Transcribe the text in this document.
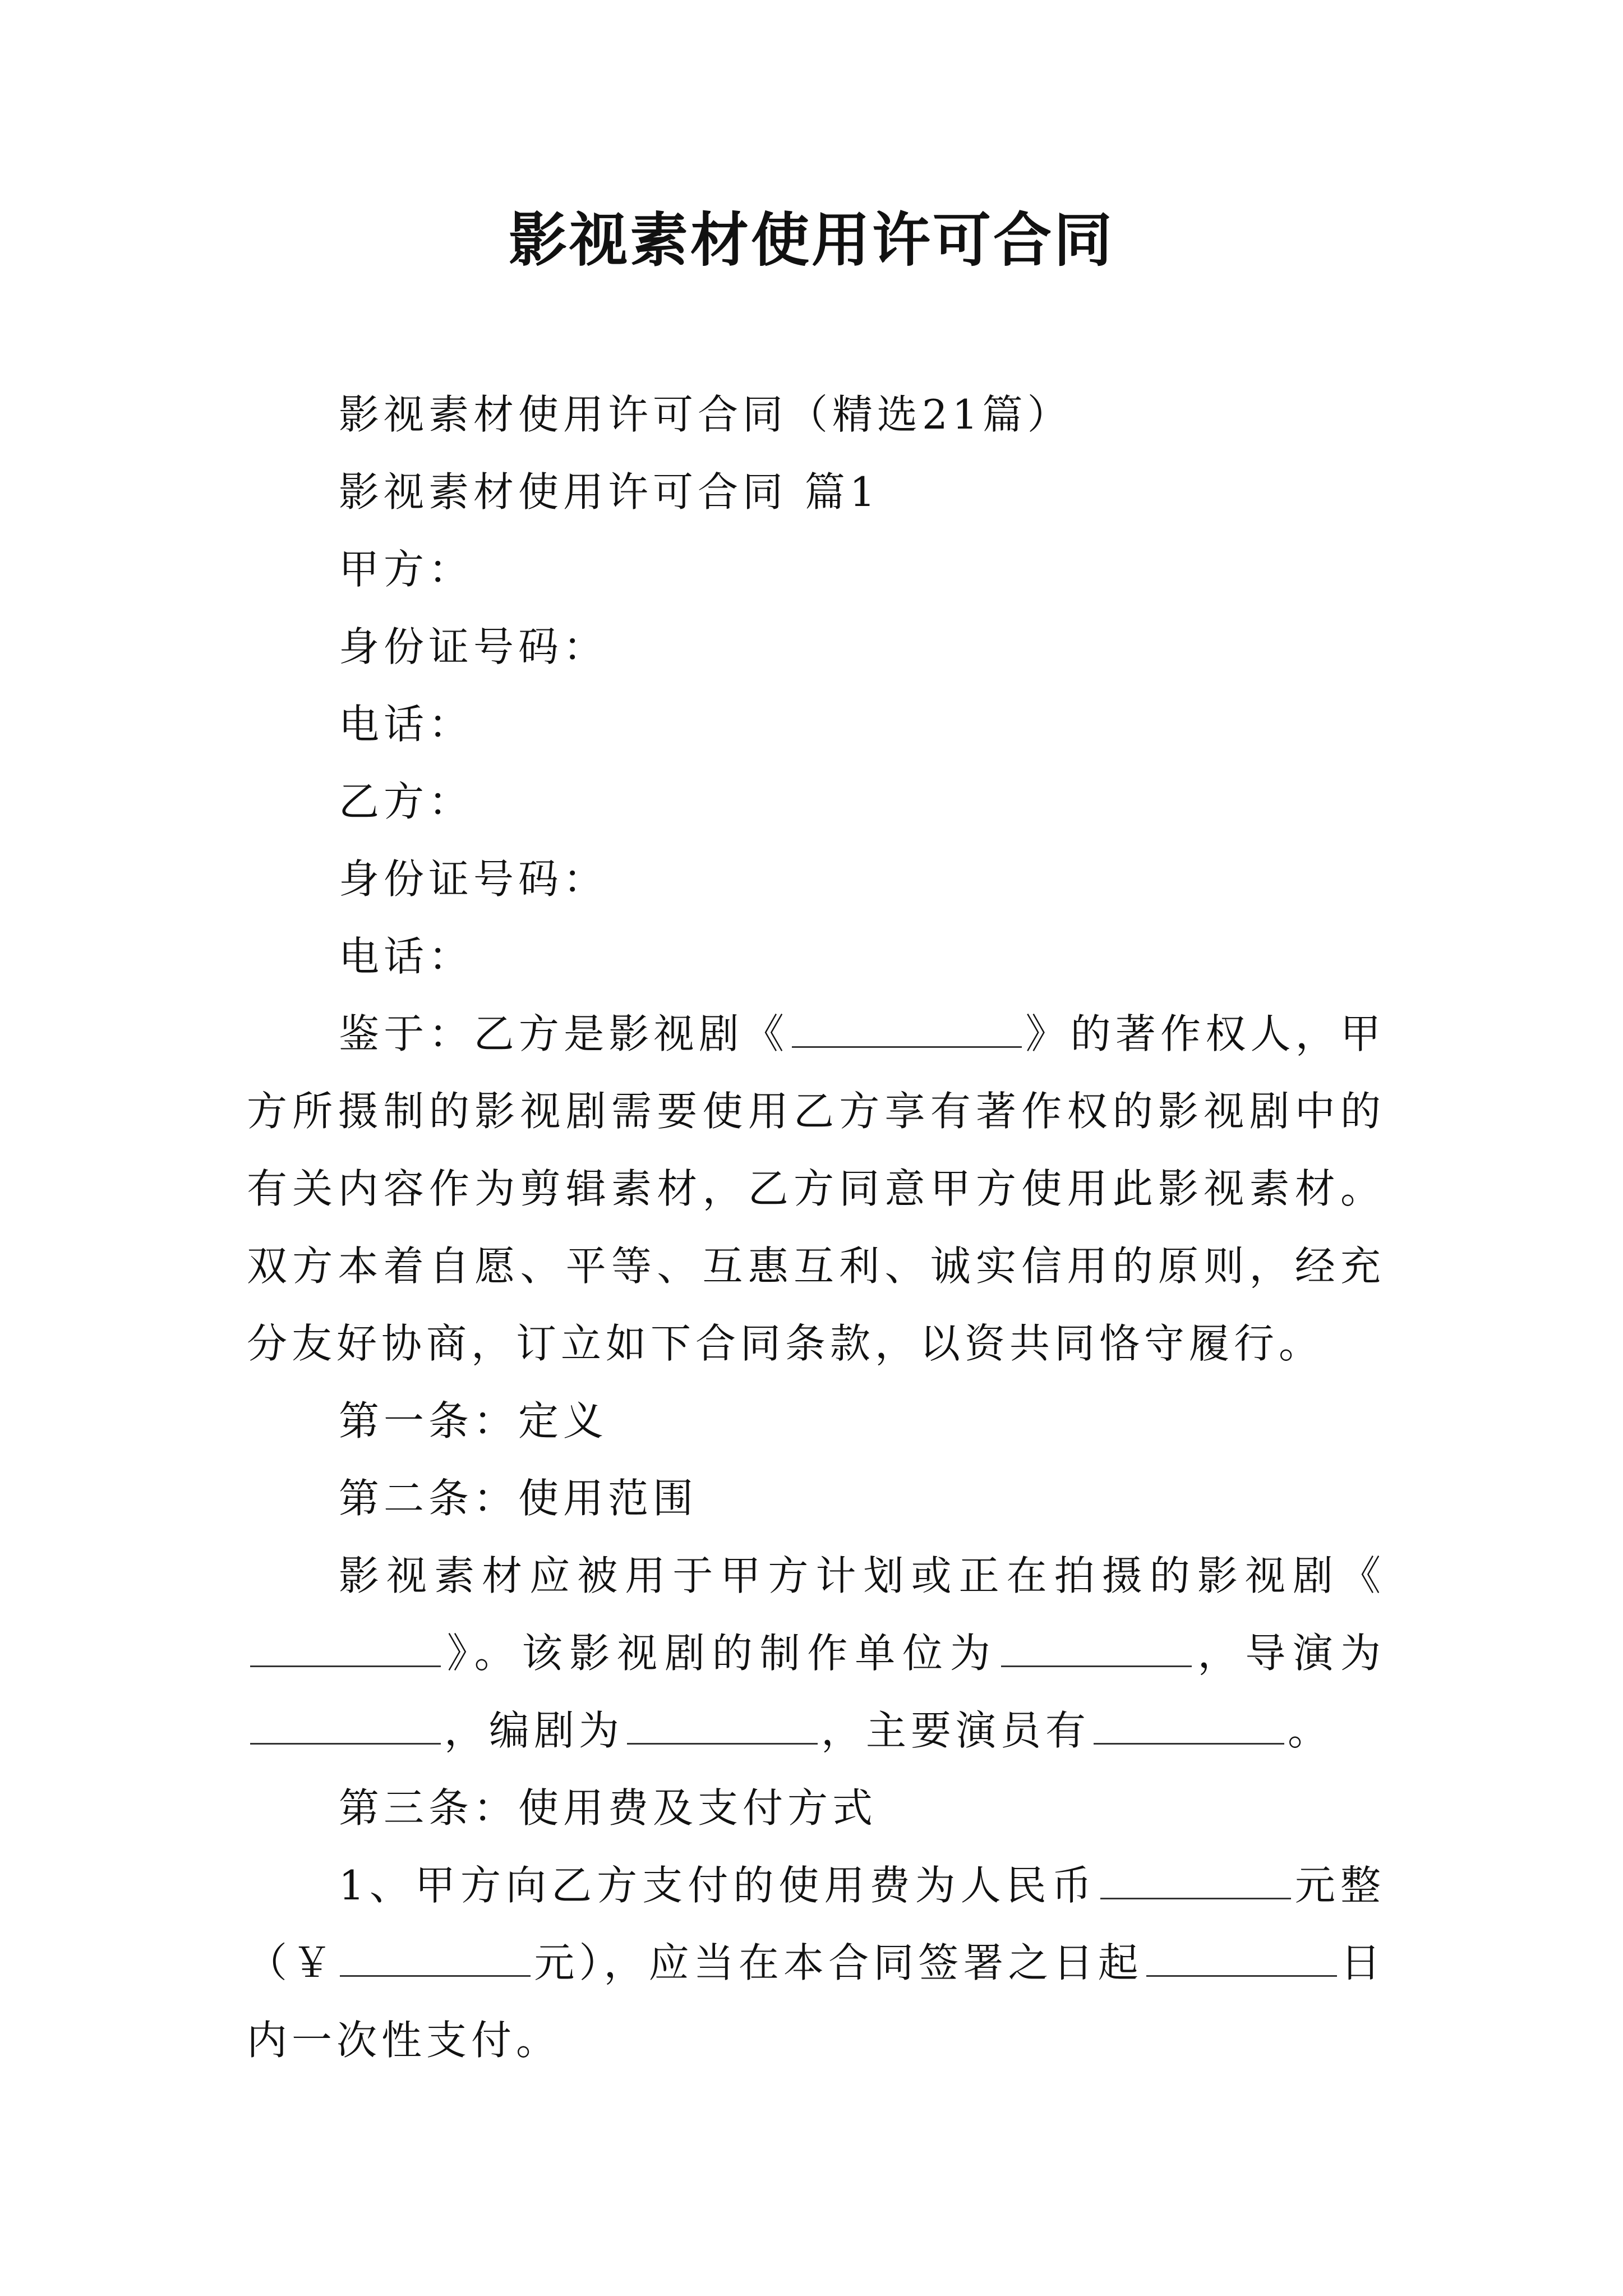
影视素材使用许可合同

影视素材使用许可合同（精选21篇）

影视素材使用许可合同 篇1

甲方：

身份证号码：

电话：

乙方：

身份证号码：

电话：

鉴于：乙方是影视剧《	》的著作权人，甲方所摄制的影视剧需要使用乙方享有著作权的影视剧中的有关内容作为剪辑素材，乙方同意甲方使用此影视素材。双方本着自愿、平等、互惠互利、诚实信用的原则，经充分友好协商，订立如下合同条款，以资共同恪守履行。

第一条：定义

第二条：使用范围

影视素材应被用于甲方计划或正在拍摄的影视剧《》。该影视剧的制作单位为	，导演为，编剧为	，主要演员有	。

第三条：使用费及支付方式

1、甲方向乙方支付的使用费为人民币	元整（￥	元），应当在本合同签署之日起	日内一次性支付。
